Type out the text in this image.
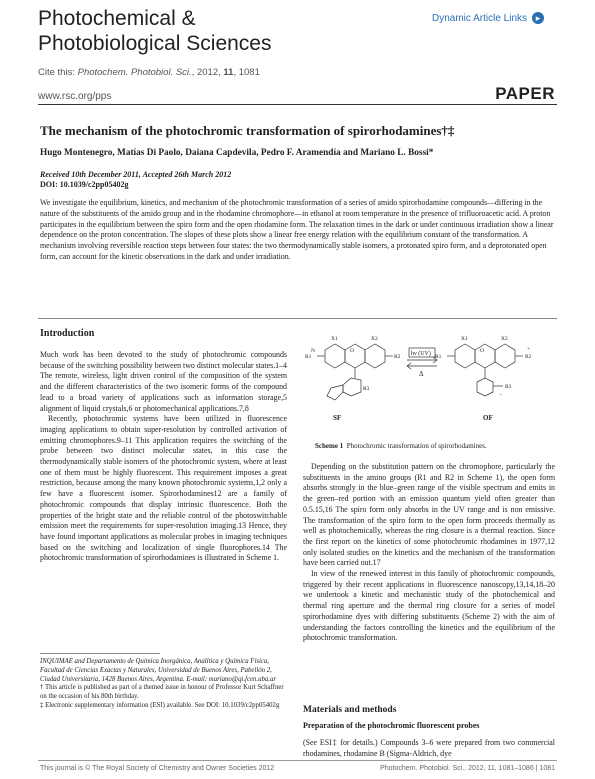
Photochemical &
Photobiological Sciences
Dynamic Article Links ▸
Cite this: Photochem. Photobiol. Sci., 2012, 11, 1081
www.rsc.org/pps	PAPER
The mechanism of the photochromic transformation of spirorhodamines†‡
Hugo Montenegro, Matías Di Paolo, Daiana Capdevila, Pedro F. Aramendía and Mariano L. Bossi*
Received 10th December 2011, Accepted 26th March 2012
DOI: 10.1039/c2pp05402g
We investigate the equilibrium, kinetics, and mechanism of the photochromic transformation of a series of amido spirorhodamine compounds—differing in the nature of the substituents of the amido group and in the rhodamine chromophore—in ethanol at room temperature in the presence of trifluoroacetic acid. A proton participates in the equilibrium between the spiro form and the open rhodamine form. The relaxation times in the dark or under continuous irradiation show a linear dependence on the proton concentration. The slopes of these plots show a linear free energy relation with the equilibrium constant of the transformation. A mechanism involving reversible reaction steps between four states: the two thermodynamically stable isomers, a protonated spiro form, and a deprotonated open form, can account for the kinetic observations in the dark and under irradiation.
Introduction

Much work has been devoted to the study of photochromic compounds because of the switching possibility between two distinct molecular states.1–4 The remote, wireless, light driven control of the composition of the system and the different characteristics of the two isomeric forms of the compound lead to a broad variety of applications such as information storage,5 alignment of liquid crystals,6 or photomechanical applications.7,8

Recently, photochromic systems have been utilized in fluorescence imaging applications to obtain super-resolution by controlled activation of emitting chromophores.9–11 This application requires the switching of the probe between two distinct molecular states, in this case the thermodynamically stable isomers of the photochromic system, where at least one of them must be highly fluorescent. This requirement imposes a great restriction, because among the many known photochromic systems,1,2 only a few have a fluorescent isomer. Spirorhodamines12 are a family of photochromic compounds that display intrinsic fluorescence. Both the properties of the bright state and the reliable control of the photoswitchable emission meet the requirements for super-resolution imaging.13 Hence, they have found important applications as molecular probes in imaging techniques based on the switching and localization of single fluorophores.14 The photochromic transformation of spirorhodamines is illustrated in Scheme 1.

INQUIMAE and Departamento de Química Inorgánica, Analítica y Química Física, Facultad de Ciencias Exactas y Naturales, Universidad de Buenos Aires, Pabellón 2, Ciudad Universitaria, 1428 Buenos Aires, Argentina. E-mail: mariano@qi.fcen.uba.ar
† This article is published as part of a themed issue in honour of Professor Kurt Schaffner on the occasion of his 80th birthday.
‡ Electronic supplementary information (ESI) available. See DOI: 10.1039/c2pp05402g
R1
N
R2
O
X1	X2
R3
R1	R2
+
X1	X2
O
R3
−
hν (UV)
Δ
SF	OF
Scheme 1 Photochromic transformation of spirorhodamines.

Depending on the substitution pattern on the chromophore, particularly the substituents in the amino groups (R1 and R2 in Scheme 1), the open form absorbs strongly in the blue–green range of the visible spectrum and emits in the green–red portion with an emission quantum yield often greater than 0.5.15,16 The spiro form only absorbs in the UV range and is non emissive. The transformation of the spiro form to the open form proceeds thermally as well as photochemically, whereas the ring closure is a thermal reaction. Since the first report on the kinetics of some photochromic rhodamines in 1977,12 only isolated studies on the kinetics and the mechanism of the transformation have been carried out.17

In view of the renewed interest in this family of photochromic compounds, triggered by their recent applications in fluorescence nanoscopy,13,14,18–20 we undertook a kinetic and mechanistic study of the photochemical and thermal ring aperture and the thermal ring closure for a series of model spirorhodamine dyes with differing substituents (Scheme 2) with the aim of understanding the factors controlling the kinetics and the equilibrium of the photochromic transformation.

Materials and methods
Preparation of the photochromic fluorescent probes
(See ESI‡ for details.) Compounds 3–6 were prepared from two commercial rhodamines, rhodamine B (Sigma-Aldrich, dye
This journal is © The Royal Society of Chemistry and Owner Societies 2012	Photochem. Photobiol. Sci., 2012, 11, 1081–1086 | 1081
